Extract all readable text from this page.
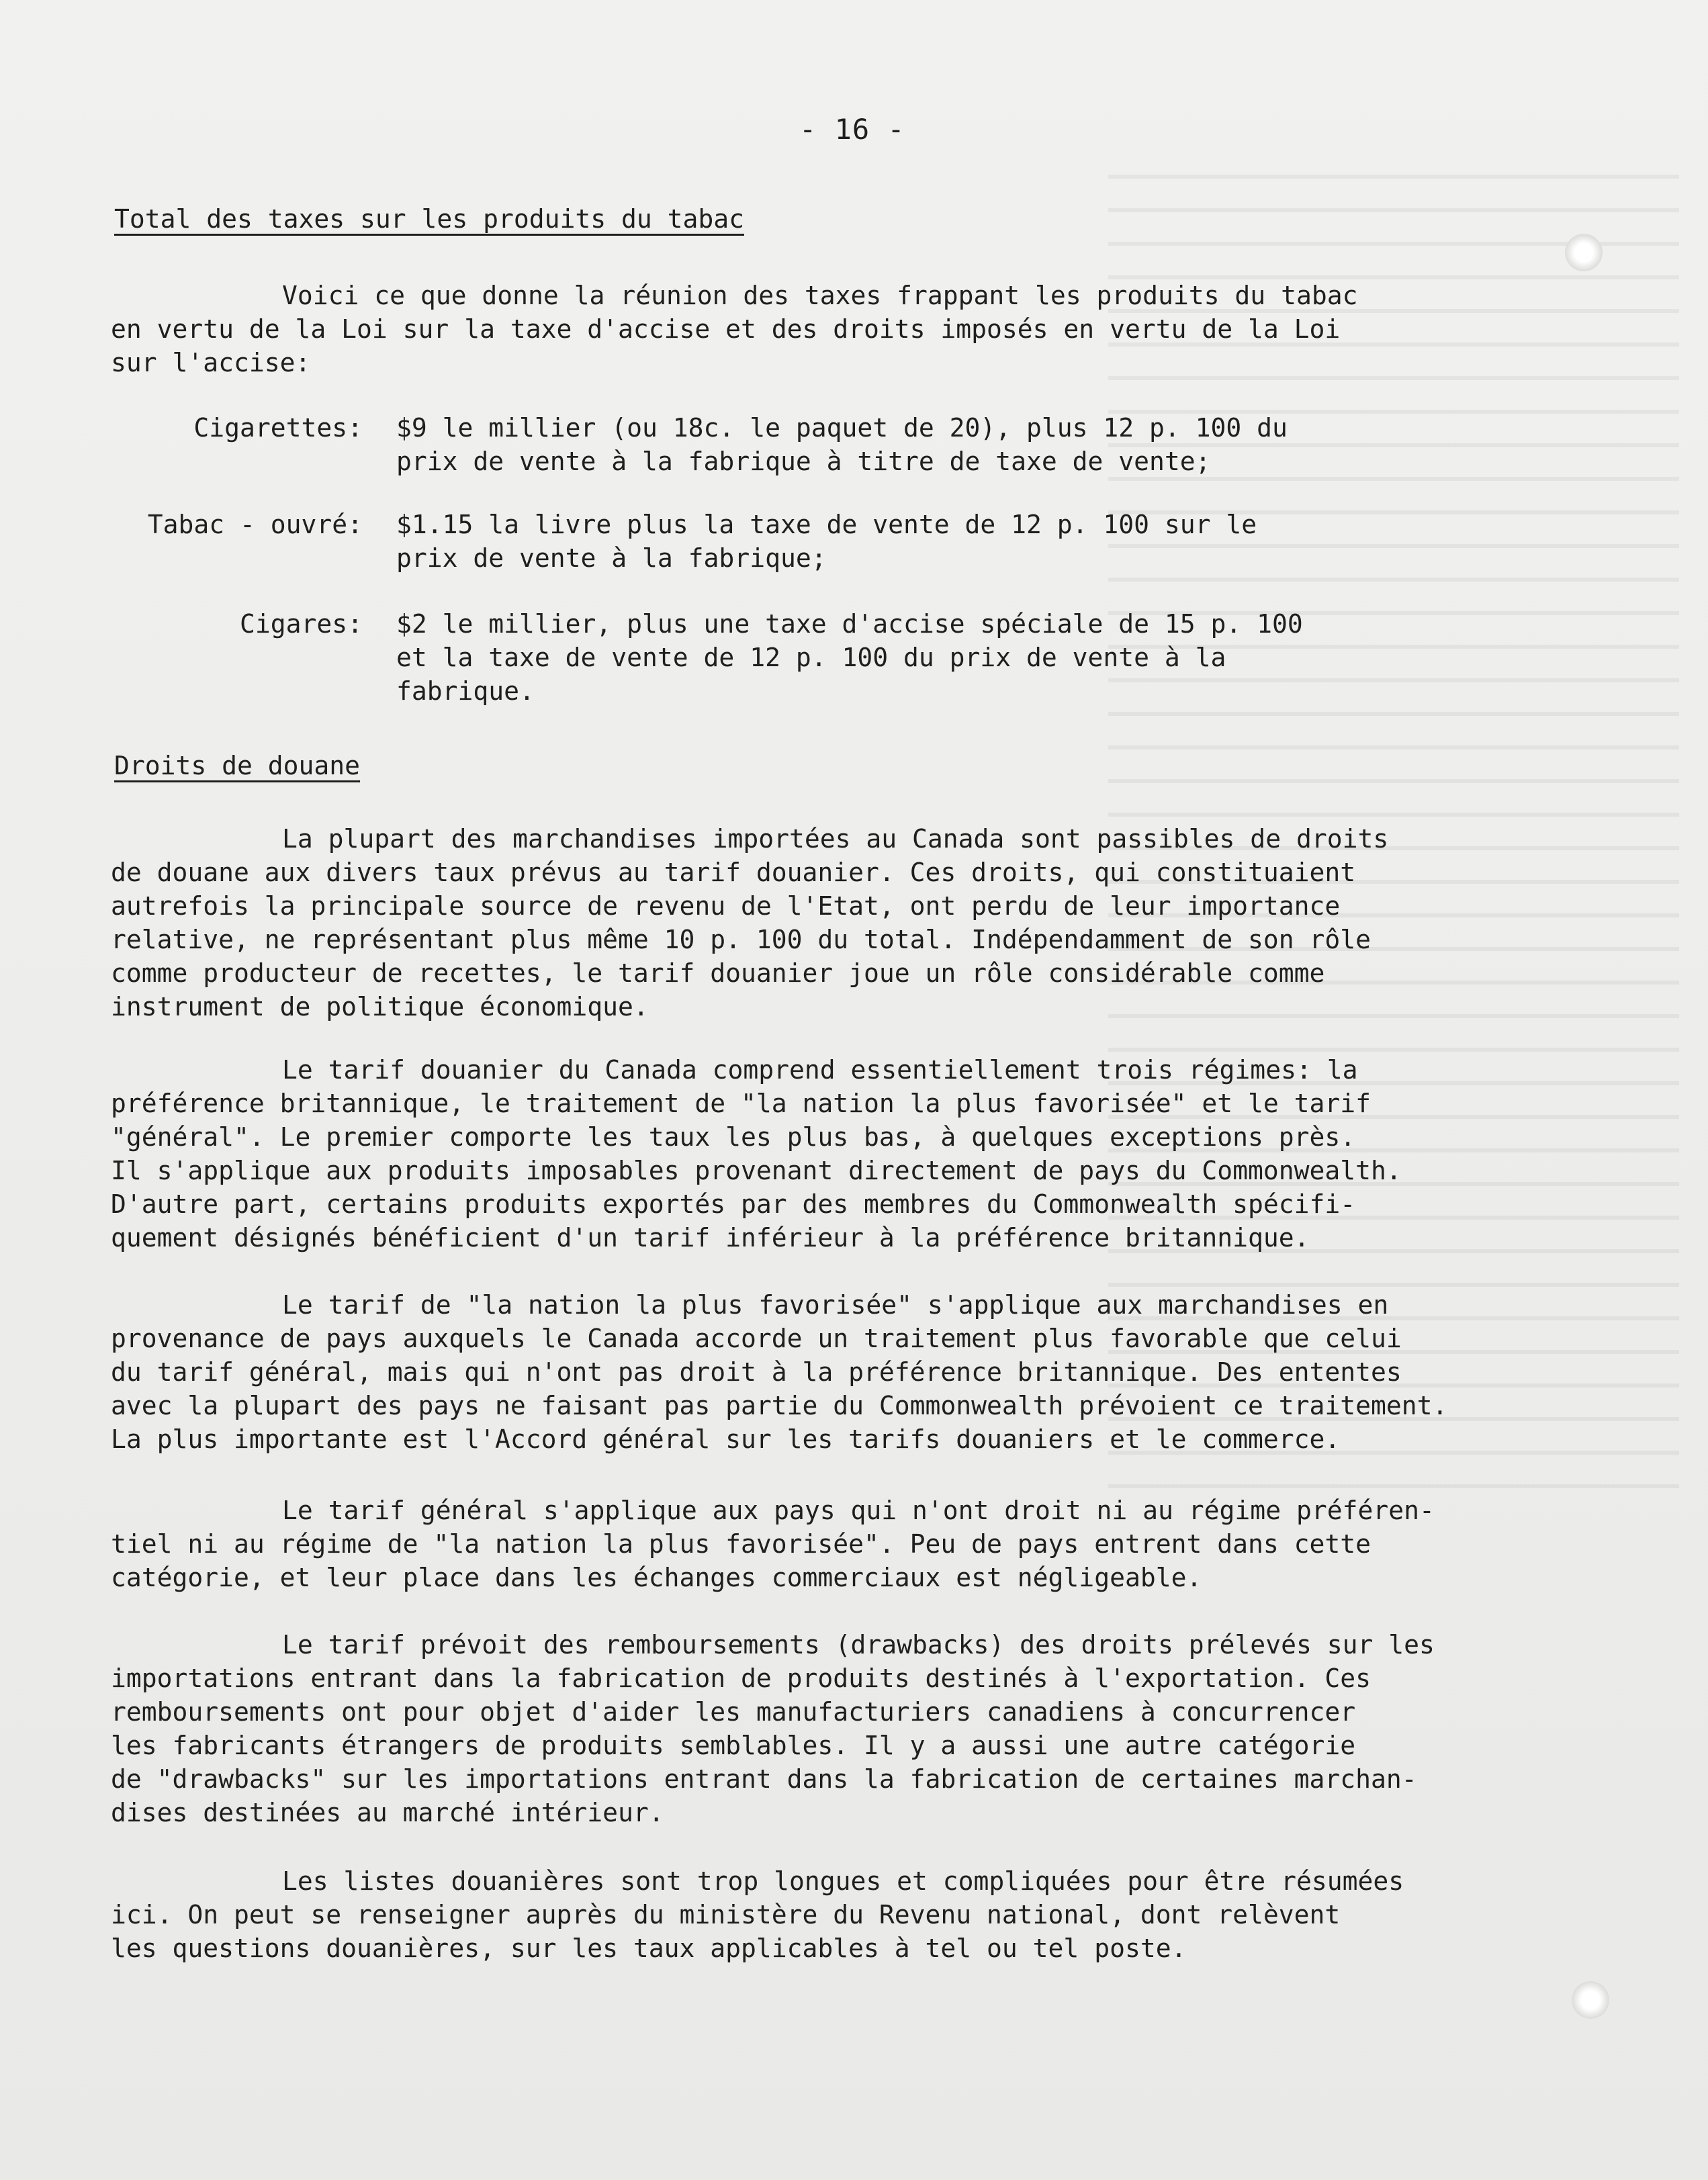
- 16 -
Total des taxes sur les produits du tabac

Voici ce que donne la réunion des taxes frappant les produits du tabac
en vertu de la Loi sur la taxe d'accise et des droits imposés en vertu de la Loi
sur l'accise:

Cigarettes: $9 le millier (ou 18c. le paquet de 20), plus 12 p. 100 du
prix de vente à la fabrique à titre de taxe de vente;

Tabac - ouvré: $1.15 la livre plus la taxe de vente de 12 p. 100 sur le
prix de vente à la fabrique;

Cigares: $2 le millier, plus une taxe d'accise spéciale de 15 p. 100
et la taxe de vente de 12 p. 100 du prix de vente à la
fabrique.

Droits de douane

La plupart des marchandises importées au Canada sont passibles de droits
de douane aux divers taux prévus au tarif douanier. Ces droits, qui constituaient
autrefois la principale source de revenu de l'Etat, ont perdu de leur importance
relative, ne représentant plus même 10 p. 100 du total. Indépendamment de son rôle
comme producteur de recettes, le tarif douanier joue un rôle considérable comme
instrument de politique économique.

Le tarif douanier du Canada comprend essentiellement trois régimes: la
préférence britannique, le traitement de "la nation la plus favorisée" et le tarif
"général". Le premier comporte les taux les plus bas, à quelques exceptions près.
Il s'applique aux produits imposables provenant directement de pays du Commonwealth.
D'autre part, certains produits exportés par des membres du Commonwealth spécifi-
quement désignés bénéficient d'un tarif inférieur à la préférence britannique.

Le tarif de "la nation la plus favorisée" s'applique aux marchandises en
provenance de pays auxquels le Canada accorde un traitement plus favorable que celui
du tarif général, mais qui n'ont pas droit à la préférence britannique. Des ententes
avec la plupart des pays ne faisant pas partie du Commonwealth prévoient ce traitement.
La plus importante est l'Accord général sur les tarifs douaniers et le commerce.

Le tarif général s'applique aux pays qui n'ont droit ni au régime préféren-
tiel ni au régime de "la nation la plus favorisée". Peu de pays entrent dans cette
catégorie, et leur place dans les échanges commerciaux est négligeable.

Le tarif prévoit des remboursements (drawbacks) des droits prélevés sur les
importations entrant dans la fabrication de produits destinés à l'exportation. Ces
remboursements ont pour objet d'aider les manufacturiers canadiens à concurrencer
les fabricants étrangers de produits semblables. Il y a aussi une autre catégorie
de "drawbacks" sur les importations entrant dans la fabrication de certaines marchan-
dises destinées au marché intérieur.

Les listes douanières sont trop longues et compliquées pour être résumées
ici. On peut se renseigner auprès du ministère du Revenu national, dont relèvent
les questions douanières, sur les taux applicables à tel ou tel poste.
